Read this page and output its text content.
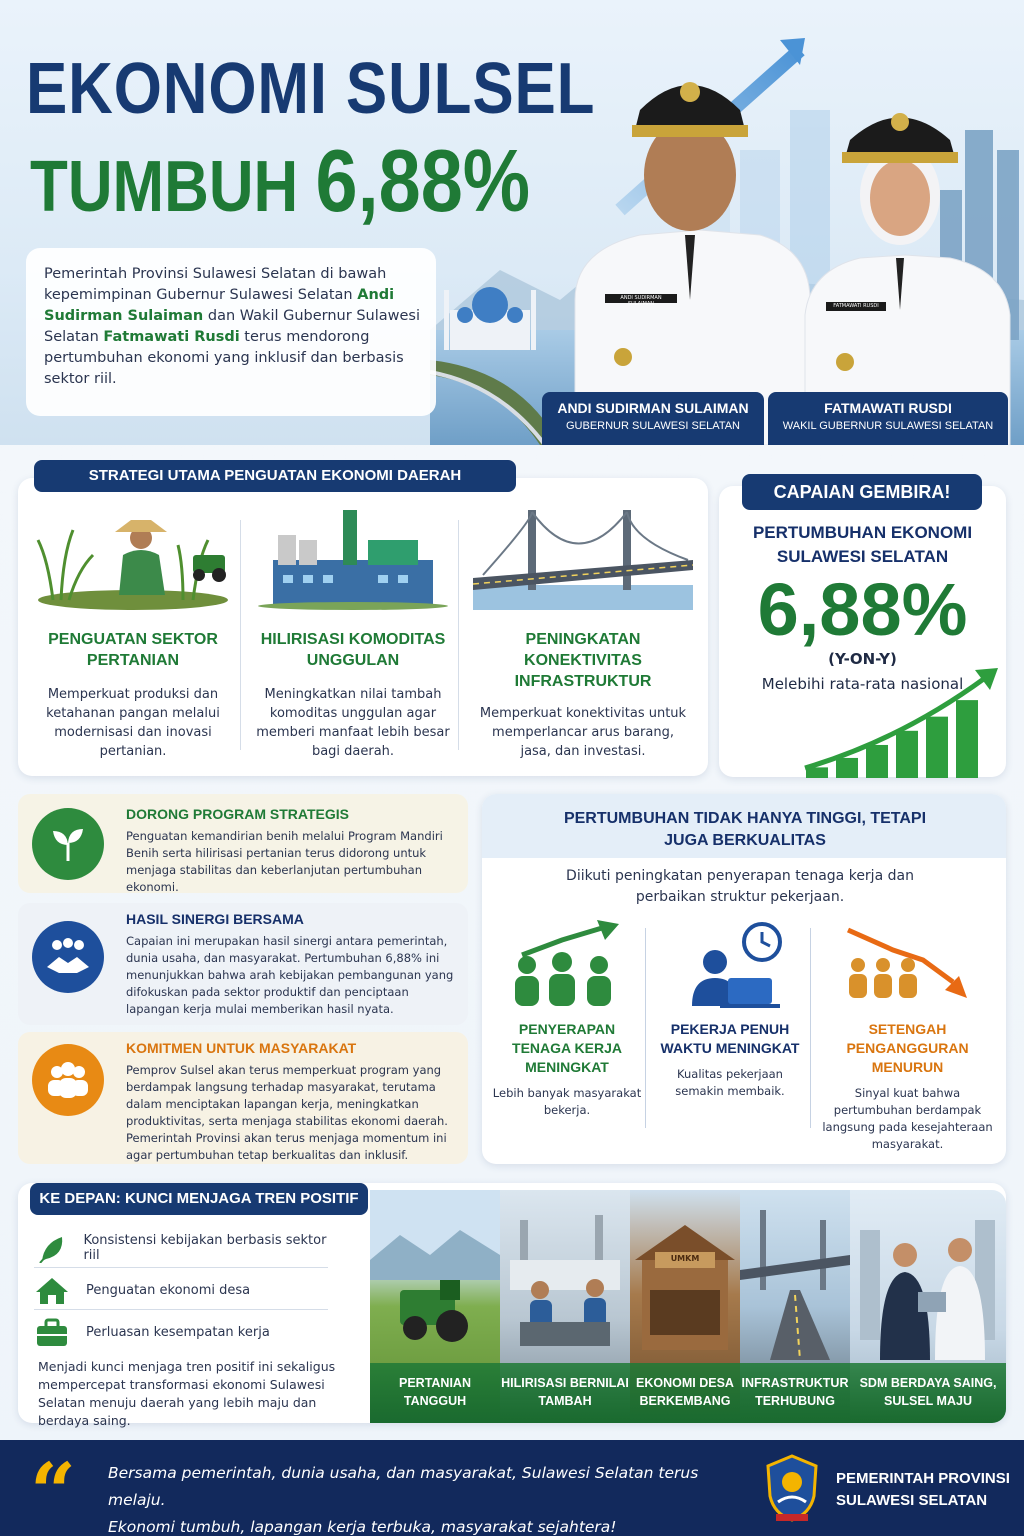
ANDI SUDIRMAN SULAIMAN	FATMAWATI RUSDI
EKONOMI SULSEL
TUMBUH 6,88%
Pemerintah Provinsi Sulawesi Selatan di bawah kepemimpinan Gubernur Sulawesi Selatan Andi Sudirman Sulaiman dan Wakil Gubernur Sulawesi Selatan Fatmawati Rusdi terus mendorong pertumbuhan ekonomi yang inklusif dan berbasis sektor riil.
ANDI SUDIRMAN SULAIMAN
GUBERNUR SULAWESI SELATAN
FATMAWATI RUSDI
WAKIL GUBERNUR SULAWESI SELATAN
STRATEGI UTAMA PENGUATAN EKONOMI DAERAH
PENGUATAN SEKTOR PERTANIAN
Memperkuat produksi dan ketahanan pangan melalui modernisasi dan inovasi pertanian.
HILIRISASI KOMODITAS UNGGULAN
Meningkatkan nilai tambah komoditas unggulan agar memberi manfaat lebih besar bagi daerah.
PENINGKATAN KONEKTIVITAS INFRASTRUKTUR
Memperkuat konektivitas untuk memperlancar arus barang, jasa, dan investasi.
CAPAIAN GEMBIRA!
PERTUMBUHAN EKONOMI SULAWESI SELATAN
6,88%
(Y-ON-Y)
Melebihi rata-rata nasional
DORONG PROGRAM STRATEGIS
Penguatan kemandirian benih melalui Program Mandiri Benih serta hilirisasi pertanian terus didorong untuk menjaga stabilitas dan keberlanjutan pertumbuhan ekonomi.
HASIL SINERGI BERSAMA
Capaian ini merupakan hasil sinergi antara pemerintah, dunia usaha, dan masyarakat. Pertumbuhan 6,88% ini menunjukkan bahwa arah kebijakan pembangunan yang difokuskan pada sektor produktif dan penciptaan lapangan kerja mulai memberikan hasil nyata.
KOMITMEN UNTUK MASYARAKAT
Pemprov Sulsel akan terus memperkuat program yang berdampak langsung terhadap masyarakat, terutama dalam menciptakan lapangan kerja, meningkatkan produktivitas, serta menjaga stabilitas ekonomi daerah. Pemerintah Provinsi akan terus menjaga momentum ini agar pertumbuhan tetap berkualitas dan inklusif.
PERTUMBUHAN TIDAK HANYA TINGGI, TETAPI JUGA BERKUALITAS
Diikuti peningkatan penyerapan tenaga kerja dan perbaikan struktur pekerjaan.
PENYERAPAN TENAGA KERJA MENINGKAT
Lebih banyak masyarakat bekerja.
PEKERJA PENUH WAKTU MENINGKAT
Kualitas pekerjaan semakin membaik.
SETENGAH PENGANGGURAN MENURUN
Sinyal kuat bahwa pertumbuhan berdampak langsung pada kesejahteraan masyarakat.
KE DEPAN: KUNCI MENJAGA TREN POSITIF
Konsistensi kebijakan berbasis sektor riil
Penguatan ekonomi desa
Perluasan kesempatan kerja
Menjadi kunci menjaga tren positif ini sekaligus mempercepat transformasi ekonomi Sulawesi Selatan menuju daerah yang lebih maju dan berdaya saing.
PERTANIAN TANGGUH
HILIRISASI BERNILAI TAMBAH
UMKM
EKONOMI DESA BERKEMBANG
INFRASTRUKTUR TERHUBUNG
SDM BERDAYA SAING, SULSEL MAJU
“ Bersama pemerintah, dunia usaha, dan masyarakat, Sulawesi Selatan terus melaju.
Ekonomi tumbuh, lapangan kerja terbuka, masyarakat sejahtera!
PEMERINTAH PROVINSI
SULAWESI SELATAN
